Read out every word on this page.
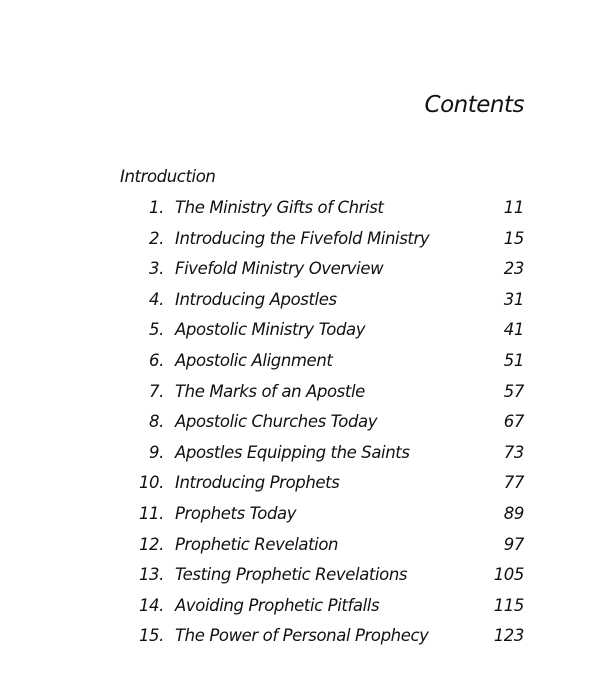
Contents
Introduction
1. The Ministry Gifts of Christ	11
2. Introducing the Fivefold Ministry	15
3. Fivefold Ministry Overview	23
4. Introducing Apostles	31
5. Apostolic Ministry Today	41
6. Apostolic Alignment	51
7. The Marks of an Apostle	57
8. Apostolic Churches Today	67
9. Apostles Equipping the Saints	73
10. Introducing Prophets	77
11. Prophets Today	89
12. Prophetic Revelation	97
13. Testing Prophetic Revelations	105
14. Avoiding Prophetic Pitfalls	115
15. The Power of Personal Prophecy	123
